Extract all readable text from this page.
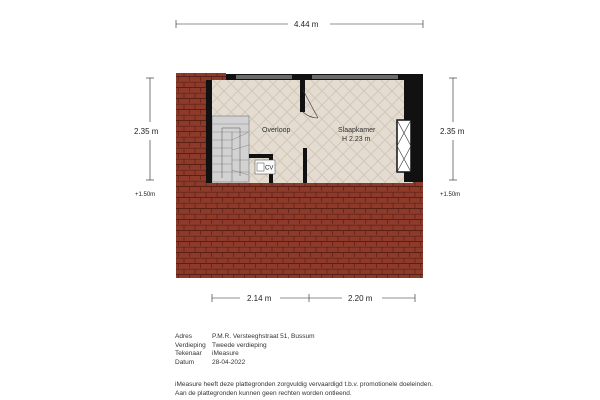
CV
Overloop	Slaapkamer
H 2.23 m
4.44 m
2.35 m
+1.50m
2.35 m
+1.50m
2.14 m	2.20 m
Adres	P.M.R. Versteeghstraat 51, Bussum
Verdieping Tweede verdieping
Tekenaar	iMeasure
Datum	28-04-2022
iMeasure heeft deze plattegronden zorgvuldig vervaardigd t.b.v. promotionele doeleinden.
Aan de plattegronden kunnen geen rechten worden ontleend.
